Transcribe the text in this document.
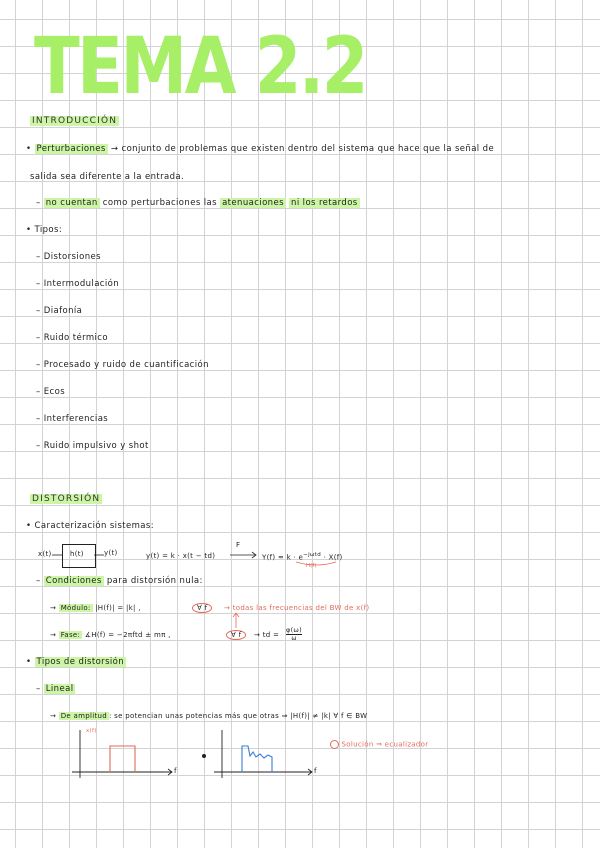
TEMA 2.2
INTRODUCCIÓN
• Perturbaciones → conjunto de problemas que existen dentro del sistema que hace que la señal de
salida sea diferente a la entrada.
– no cuentan como perturbaciones las atenuaciones ni los retardos
• Tipos:
– Distorsiones
– Intermodulación
– Diafonía
– Ruido térmico
– Procesado y ruido de cuantificación
– Ecos
– Interferencias
– Ruido impulsivo y shot
DISTORSIÓN
• Caracterización sistemas:
x(t)	h(t)	y(t)	y(t) = k · x(t − td)
F
$Y(f) = k \cdot e^{-j\omega td} \cdot X(f)$
H(f)
– Condiciones para distorsión nula:
→ Módulo: |H(f)| = |k| ,	∀ f	→ todas las frecuencias del BW de x(f)
→ Fase: ∡H(f) = −2πftd ± mπ ,	∀ f	→ td = $\frac{\varphi(\omega)}{\omega}$
• Tipos de distorsión
– Lineal
→ De amplitud : se potencian unas potencias más que otras ⇒ |H(f)| ≠ |k| ∀ f ∈ BW
x(f)
f	f
Solución ⇒ ecualizador
